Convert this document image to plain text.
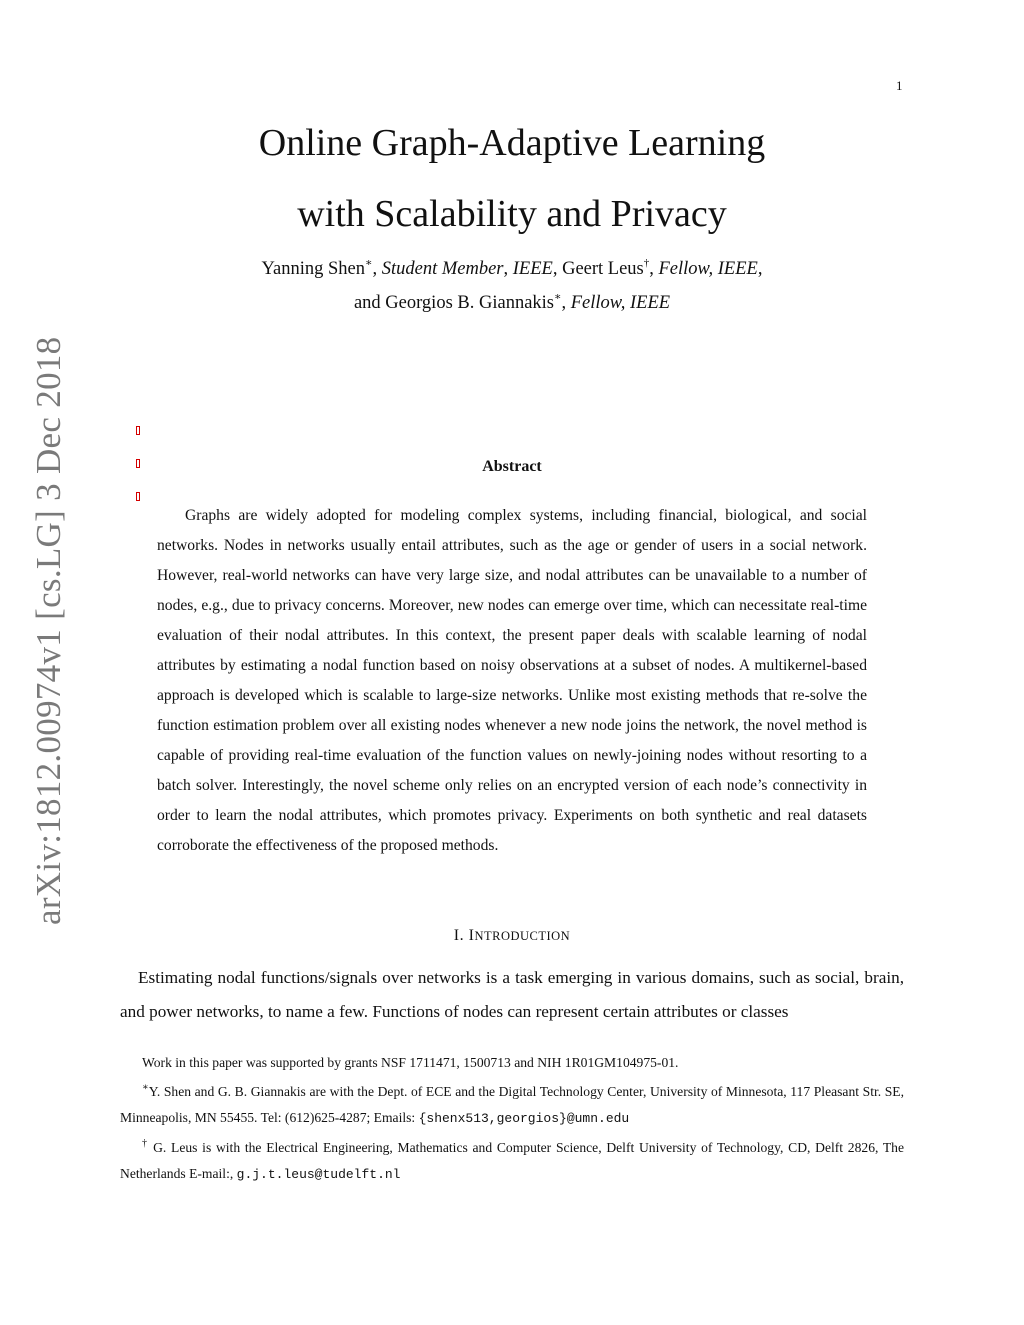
1
Online Graph-Adaptive Learning
with Scalability and Privacy
Yanning Shen∗, Student Member, IEEE, Geert Leus†, Fellow, IEEE,
and Georgios B. Giannakis∗, Fellow, IEEE
arXiv:1812.00974v1 [cs.LG] 3 Dec 2018	Abstract

Graphs are widely adopted for modeling complex systems, including financial, biological, and social networks. Nodes in networks usually entail attributes, such as the age or gender of users in a social network. However, real-world networks can have very large size, and nodal attributes can be unavailable to a number of nodes, e.g., due to privacy concerns. Moreover, new nodes can emerge over time, which can necessitate real-time evaluation of their nodal attributes. In this context, the present paper deals with scalable learning of nodal attributes by estimating a nodal function based on noisy observations at a subset of nodes. A multikernel-based approach is developed which is scalable to large-size networks. Unlike most existing methods that re-solve the function estimation problem over all existing nodes whenever a new node joins the network, the novel method is capable of providing real-time evaluation of the function values on newly-joining nodes without resorting to a batch solver. Interestingly, the novel scheme only relies on an encrypted version of each node’s connectivity in order to learn the nodal attributes, which promotes privacy. Experiments on both synthetic and real datasets corroborate the effectiveness of the proposed methods.

I. INTRODUCTION

Estimating nodal functions/signals over networks is a task emerging in various domains, such as social, brain, and power networks, to name a few. Functions of nodes can represent certain attributes or classes

Work in this paper was supported by grants NSF 1711471, 1500713 and NIH 1R01GM104975-01.

∗Y. Shen and G. B. Giannakis are with the Dept. of ECE and the Digital Technology Center, University of Minnesota, 117 Pleasant Str. SE, Minneapolis, MN 55455. Tel: (612)625-4287; Emails: {shenx513,georgios}@umn.edu

† G. Leus is with the Electrical Engineering, Mathematics and Computer Science, Delft University of Technology, CD, Delft 2826, The Netherlands E-mail:, g.j.t.leus@tudelft.nl
